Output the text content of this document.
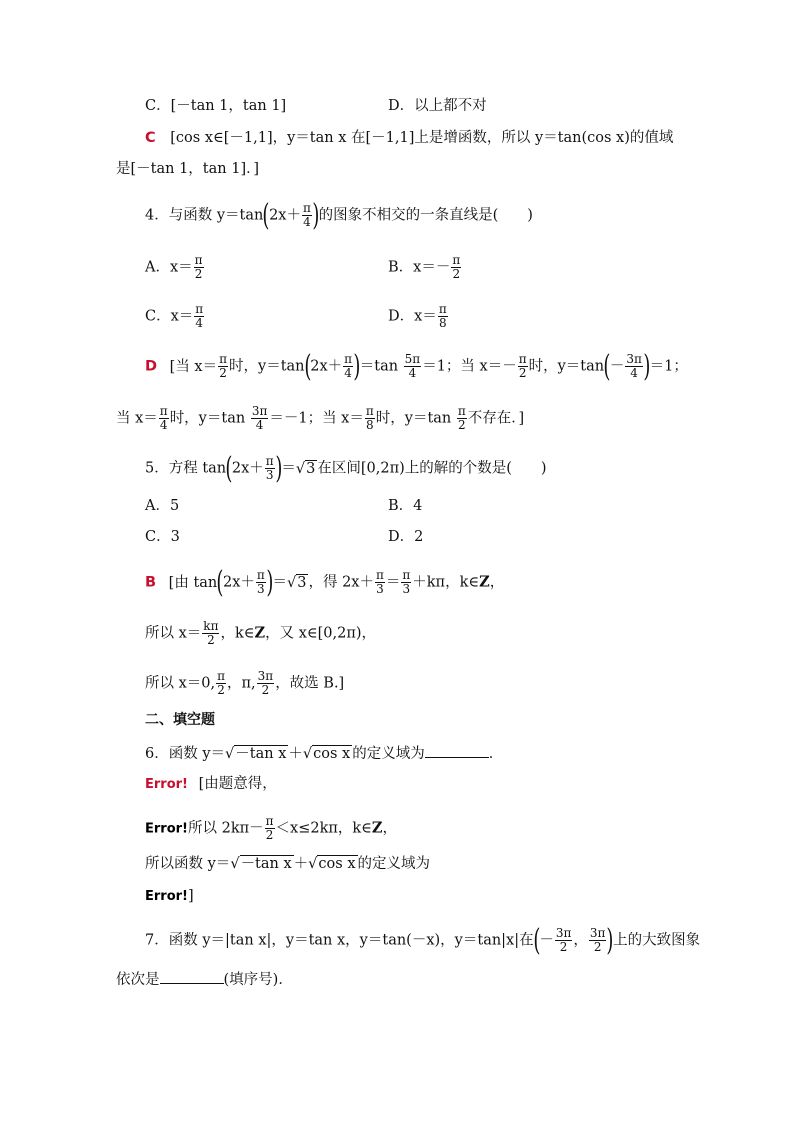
C．[－tan 1，tan 1]	D．以上都不对
C [cos x∈[－1,1]，y＝tan x 在[－1,1]上是增函数，所以 y＝tan(cos x)的值域
是[－tan 1，tan 1]．]
4．与函数 $y=\tan(2x+ \frac{\pi}{4}$ )的图象不相交的一条直线是(　　)
A．$x= \frac{\pi}{2}$	B．$x=- \frac{\pi}{2}$
C．$x= \frac{\pi}{4}$	D．$x= \frac{\pi}{8}$
D [当 $x= \frac{\pi}{2}$ 时，$y=\tan(2x+ \frac{\pi}{4} )=\tan \frac{5\pi}{4} =1$；当 $x=- \frac{\pi}{2}$ 时，$y=\tan(- \frac{3\pi}{4} )=1$；
当 $x= \frac{\pi}{4}$ 时，$y=\tan \frac{3\pi}{4} =-1$；当 $x= \frac{\pi}{8}$ 时，$y=\tan \frac{\pi}{2}$ 不存在．]
5．方程 $\tan(2x+ \frac{\pi}{3} )=√3$ 在区间[0,2π)上的解的个数是(　　)
A．5	B．4
C．3	D．2
B [由 $\tan(2x+ \frac{\pi}{3} )=√3$ ，得 $2x+ \frac{\pi}{3} = \frac{\pi}{3} +k\pi$，k∈Z，
所以 $x= \frac{k\pi}{2}$ ，k∈Z，又 x∈[0,2π)，
所以 x＝0, $\frac{\pi}{2}$ ，π, $\frac{3\pi}{2}$ ，故选 B.]
二、填空题
6．函数 y＝√－tan x ＋√cos x 的定义域为	．
Error! [由题意得，
Error!所以 $2k\pi- \frac{\pi}{2} <x\le 2k\pi$，k∈Z，
所以函数 y＝√－tan x ＋√cos x 的定义域为
Error!]
7．函数 y＝|tan x|，y＝tan x，y＝tan(－x)，y＝tan|x|在(－ $\frac{3\pi}{2}$ ， $\frac{3\pi}{2}$ )上的大致图象
依次是	(填序号)．
